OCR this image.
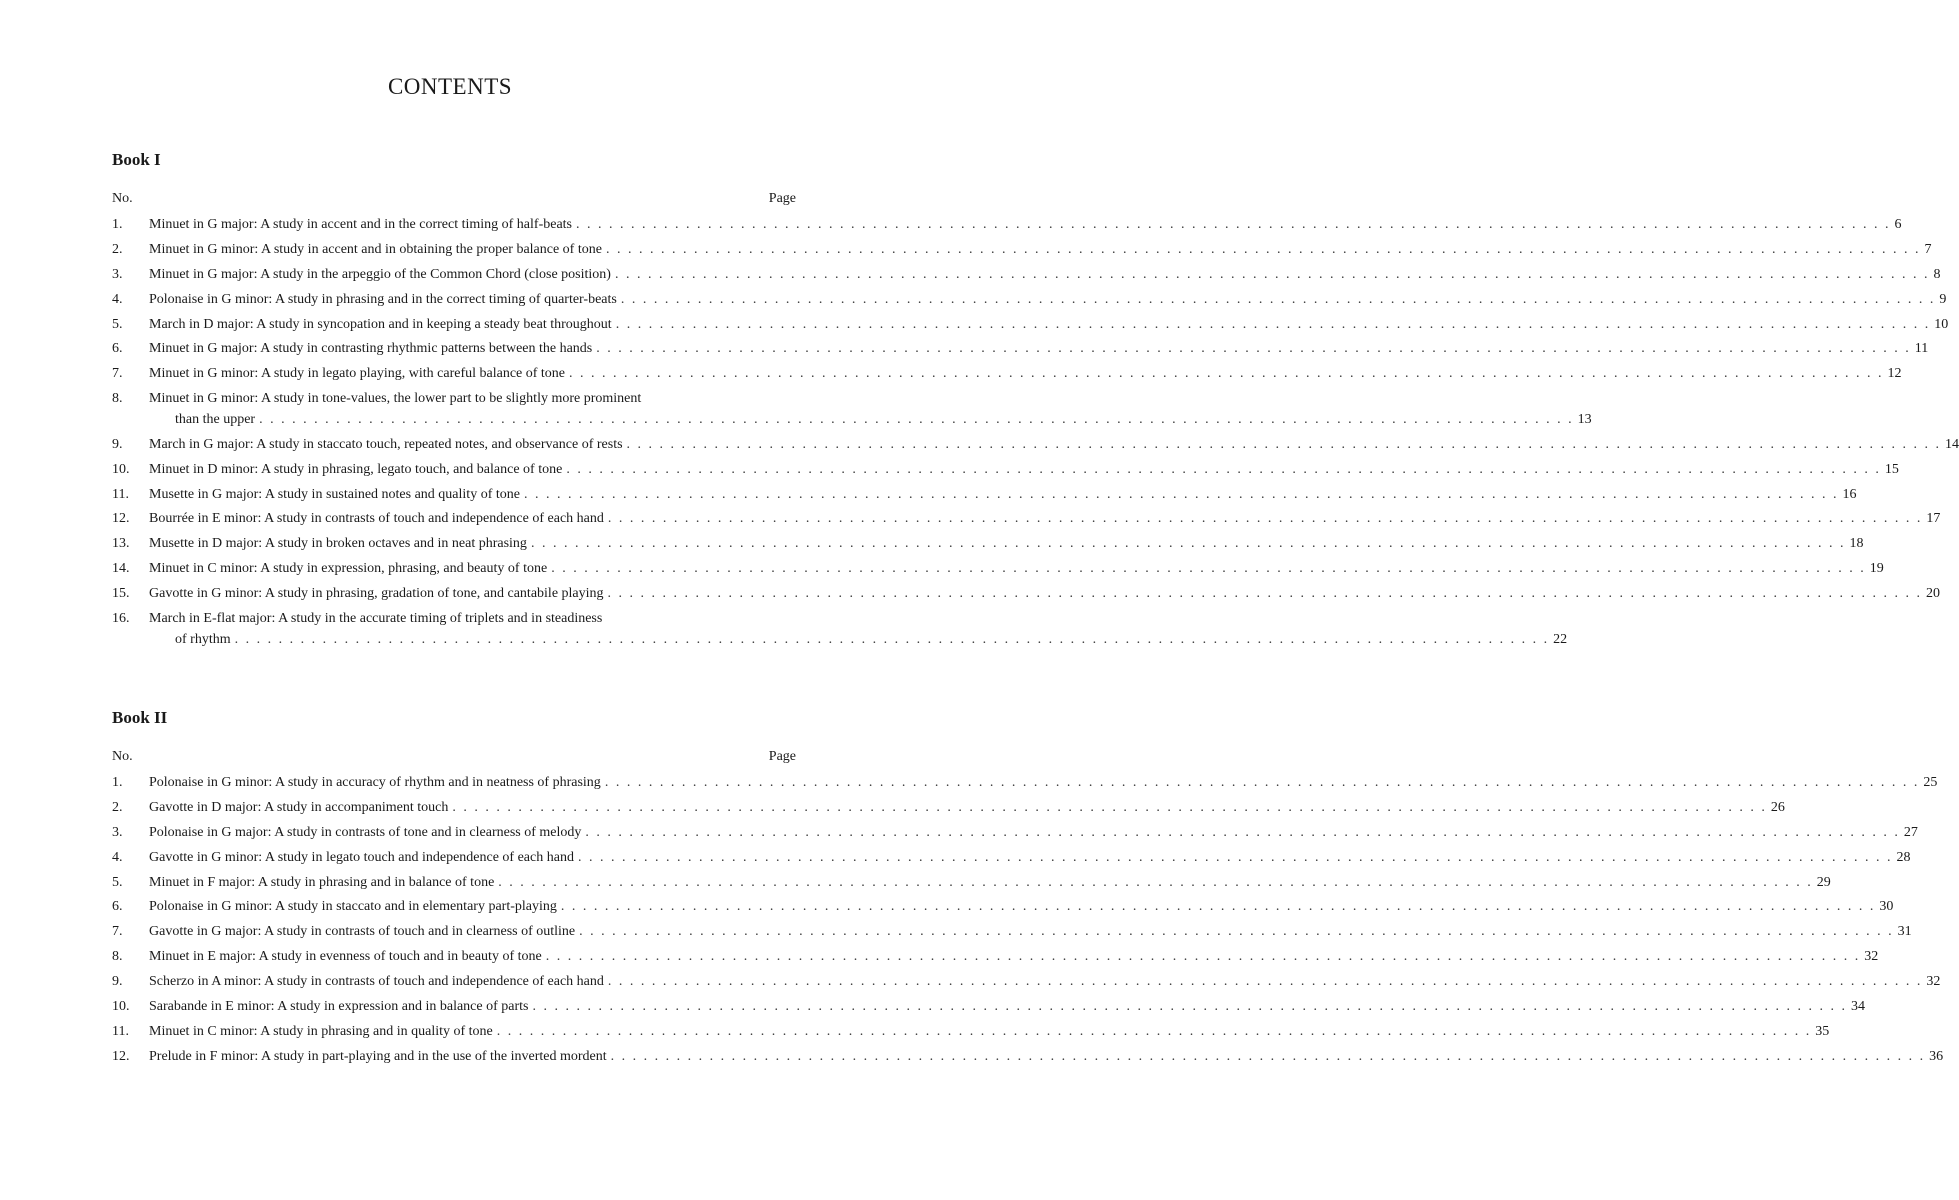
CONTENTS
Book I
No.	Page
1.	Minuet in G major: A study in accent and in the correct timing of half-beats . . . . . . . . . . . . . . . . . . . . . . . . . . . . . . . . . . . . . . . . . . . . . . . . . . . . . . . . . . . . . . . . . . . . . . . . . . . . . . . . . . . . . . . . . . . . . . . . . . . . . . . . . . . . . . . . . . . . . . . . 6
2.	Minuet in G minor: A study in accent and in obtaining the proper balance of tone . . . . . . . . . . . . . . . . . . . . . . . . . . . . . . . . . . . . . . . . . . . . . . . . . . . . . . . . . . . . . . . . . . . . . . . . . . . . . . . . . . . . . . . . . . . . . . . . . . . . . . . . . . . . . . . . . . . . . . . . 7
3.	Minuet in G major: A study in the arpeggio of the Common Chord (close position) . . . . . . . . . . . . . . . . . . . . . . . . . . . . . . . . . . . . . . . . . . . . . . . . . . . . . . . . . . . . . . . . . . . . . . . . . . . . . . . . . . . . . . . . . . . . . . . . . . . . . . . . . . . . . . . . . . . . . . . . 8
4.	Polonaise in G minor: A study in phrasing and in the correct timing of quarter-beats . . . . . . . . . . . . . . . . . . . . . . . . . . . . . . . . . . . . . . . . . . . . . . . . . . . . . . . . . . . . . . . . . . . . . . . . . . . . . . . . . . . . . . . . . . . . . . . . . . . . . . . . . . . . . . . . . . . . . . . . 9
5.	March in D major: A study in syncopation and in keeping a steady beat throughout . . . . . . . . . . . . . . . . . . . . . . . . . . . . . . . . . . . . . . . . . . . . . . . . . . . . . . . . . . . . . . . . . . . . . . . . . . . . . . . . . . . . . . . . . . . . . . . . . . . . . . . . . . . . . . . . . . . . . . . . 10
6.	Minuet in G major: A study in contrasting rhythmic patterns between the hands . . . . . . . . . . . . . . . . . . . . . . . . . . . . . . . . . . . . . . . . . . . . . . . . . . . . . . . . . . . . . . . . . . . . . . . . . . . . . . . . . . . . . . . . . . . . . . . . . . . . . . . . . . . . . . . . . . . . . . . . 11
7.	Minuet in G minor: A study in legato playing, with careful balance of tone . . . . . . . . . . . . . . . . . . . . . . . . . . . . . . . . . . . . . . . . . . . . . . . . . . . . . . . . . . . . . . . . . . . . . . . . . . . . . . . . . . . . . . . . . . . . . . . . . . . . . . . . . . . . . . . . . . . . . . . . 12
8.	Minuet in G minor: A study in tone-values, the lower part to be slightly more prominent
than the upper . . . . . . . . . . . . . . . . . . . . . . . . . . . . . . . . . . . . . . . . . . . . . . . . . . . . . . . . . . . . . . . . . . . . . . . . . . . . . . . . . . . . . . . . . . . . . . . . . . . . . . . . . . . . . . . . . . . . . . . . 13
9.	March in G major: A study in staccato touch, repeated notes, and observance of rests . . . . . . . . . . . . . . . . . . . . . . . . . . . . . . . . . . . . . . . . . . . . . . . . . . . . . . . . . . . . . . . . . . . . . . . . . . . . . . . . . . . . . . . . . . . . . . . . . . . . . . . . . . . . . . . . . . . . . . . . 14
10.	Minuet in D minor: A study in phrasing, legato touch, and balance of tone . . . . . . . . . . . . . . . . . . . . . . . . . . . . . . . . . . . . . . . . . . . . . . . . . . . . . . . . . . . . . . . . . . . . . . . . . . . . . . . . . . . . . . . . . . . . . . . . . . . . . . . . . . . . . . . . . . . . . . . . 15
11.	Musette in G major: A study in sustained notes and quality of tone . . . . . . . . . . . . . . . . . . . . . . . . . . . . . . . . . . . . . . . . . . . . . . . . . . . . . . . . . . . . . . . . . . . . . . . . . . . . . . . . . . . . . . . . . . . . . . . . . . . . . . . . . . . . . . . . . . . . . . . . 16
12.	Bourrée in E minor: A study in contrasts of touch and independence of each hand . . . . . . . . . . . . . . . . . . . . . . . . . . . . . . . . . . . . . . . . . . . . . . . . . . . . . . . . . . . . . . . . . . . . . . . . . . . . . . . . . . . . . . . . . . . . . . . . . . . . . . . . . . . . . . . . . . . . . . . . 17
13.	Musette in D major: A study in broken octaves and in neat phrasing . . . . . . . . . . . . . . . . . . . . . . . . . . . . . . . . . . . . . . . . . . . . . . . . . . . . . . . . . . . . . . . . . . . . . . . . . . . . . . . . . . . . . . . . . . . . . . . . . . . . . . . . . . . . . . . . . . . . . . . . 18
14.	Minuet in C minor: A study in expression, phrasing, and beauty of tone . . . . . . . . . . . . . . . . . . . . . . . . . . . . . . . . . . . . . . . . . . . . . . . . . . . . . . . . . . . . . . . . . . . . . . . . . . . . . . . . . . . . . . . . . . . . . . . . . . . . . . . . . . . . . . . . . . . . . . . . 19
15.	Gavotte in G minor: A study in phrasing, gradation of tone, and cantabile playing . . . . . . . . . . . . . . . . . . . . . . . . . . . . . . . . . . . . . . . . . . . . . . . . . . . . . . . . . . . . . . . . . . . . . . . . . . . . . . . . . . . . . . . . . . . . . . . . . . . . . . . . . . . . . . . . . . . . . . . . 20
16.	March in E-flat major: A study in the accurate timing of triplets and in steadiness
of rhythm . . . . . . . . . . . . . . . . . . . . . . . . . . . . . . . . . . . . . . . . . . . . . . . . . . . . . . . . . . . . . . . . . . . . . . . . . . . . . . . . . . . . . . . . . . . . . . . . . . . . . . . . . . . . . . . . . . . . . . . . 22
Book II
No.	Page
1.	Polonaise in G minor: A study in accuracy of rhythm and in neatness of phrasing . . . . . . . . . . . . . . . . . . . . . . . . . . . . . . . . . . . . . . . . . . . . . . . . . . . . . . . . . . . . . . . . . . . . . . . . . . . . . . . . . . . . . . . . . . . . . . . . . . . . . . . . . . . . . . . . . . . . . . . . 25
2.	Gavotte in D major: A study in accompaniment touch . . . . . . . . . . . . . . . . . . . . . . . . . . . . . . . . . . . . . . . . . . . . . . . . . . . . . . . . . . . . . . . . . . . . . . . . . . . . . . . . . . . . . . . . . . . . . . . . . . . . . . . . . . . . . . . . . . . . . . . . 26
3.	Polonaise in G major: A study in contrasts of tone and in clearness of melody . . . . . . . . . . . . . . . . . . . . . . . . . . . . . . . . . . . . . . . . . . . . . . . . . . . . . . . . . . . . . . . . . . . . . . . . . . . . . . . . . . . . . . . . . . . . . . . . . . . . . . . . . . . . . . . . . . . . . . . . 27
4.	Gavotte in G minor: A study in legato touch and independence of each hand . . . . . . . . . . . . . . . . . . . . . . . . . . . . . . . . . . . . . . . . . . . . . . . . . . . . . . . . . . . . . . . . . . . . . . . . . . . . . . . . . . . . . . . . . . . . . . . . . . . . . . . . . . . . . . . . . . . . . . . . 28
5.	Minuet in F major: A study in phrasing and in balance of tone . . . . . . . . . . . . . . . . . . . . . . . . . . . . . . . . . . . . . . . . . . . . . . . . . . . . . . . . . . . . . . . . . . . . . . . . . . . . . . . . . . . . . . . . . . . . . . . . . . . . . . . . . . . . . . . . . . . . . . . . 29
6.	Polonaise in G minor: A study in staccato and in elementary part-playing . . . . . . . . . . . . . . . . . . . . . . . . . . . . . . . . . . . . . . . . . . . . . . . . . . . . . . . . . . . . . . . . . . . . . . . . . . . . . . . . . . . . . . . . . . . . . . . . . . . . . . . . . . . . . . . . . . . . . . . . 30
7.	Gavotte in G major: A study in contrasts of touch and in clearness of outline . . . . . . . . . . . . . . . . . . . . . . . . . . . . . . . . . . . . . . . . . . . . . . . . . . . . . . . . . . . . . . . . . . . . . . . . . . . . . . . . . . . . . . . . . . . . . . . . . . . . . . . . . . . . . . . . . . . . . . . . 31
8.	Minuet in E major: A study in evenness of touch and in beauty of tone . . . . . . . . . . . . . . . . . . . . . . . . . . . . . . . . . . . . . . . . . . . . . . . . . . . . . . . . . . . . . . . . . . . . . . . . . . . . . . . . . . . . . . . . . . . . . . . . . . . . . . . . . . . . . . . . . . . . . . . . 32
9.	Scherzo in A minor: A study in contrasts of touch and independence of each hand . . . . . . . . . . . . . . . . . . . . . . . . . . . . . . . . . . . . . . . . . . . . . . . . . . . . . . . . . . . . . . . . . . . . . . . . . . . . . . . . . . . . . . . . . . . . . . . . . . . . . . . . . . . . . . . . . . . . . . . . 32
10.	Sarabande in E minor: A study in expression and in balance of parts . . . . . . . . . . . . . . . . . . . . . . . . . . . . . . . . . . . . . . . . . . . . . . . . . . . . . . . . . . . . . . . . . . . . . . . . . . . . . . . . . . . . . . . . . . . . . . . . . . . . . . . . . . . . . . . . . . . . . . . . 34
11.	Minuet in C minor: A study in phrasing and in quality of tone . . . . . . . . . . . . . . . . . . . . . . . . . . . . . . . . . . . . . . . . . . . . . . . . . . . . . . . . . . . . . . . . . . . . . . . . . . . . . . . . . . . . . . . . . . . . . . . . . . . . . . . . . . . . . . . . . . . . . . . . 35
12.	Prelude in F minor: A study in part-playing and in the use of the inverted mordent . . . . . . . . . . . . . . . . . . . . . . . . . . . . . . . . . . . . . . . . . . . . . . . . . . . . . . . . . . . . . . . . . . . . . . . . . . . . . . . . . . . . . . . . . . . . . . . . . . . . . . . . . . . . . . . . . . . . . . . . 36
